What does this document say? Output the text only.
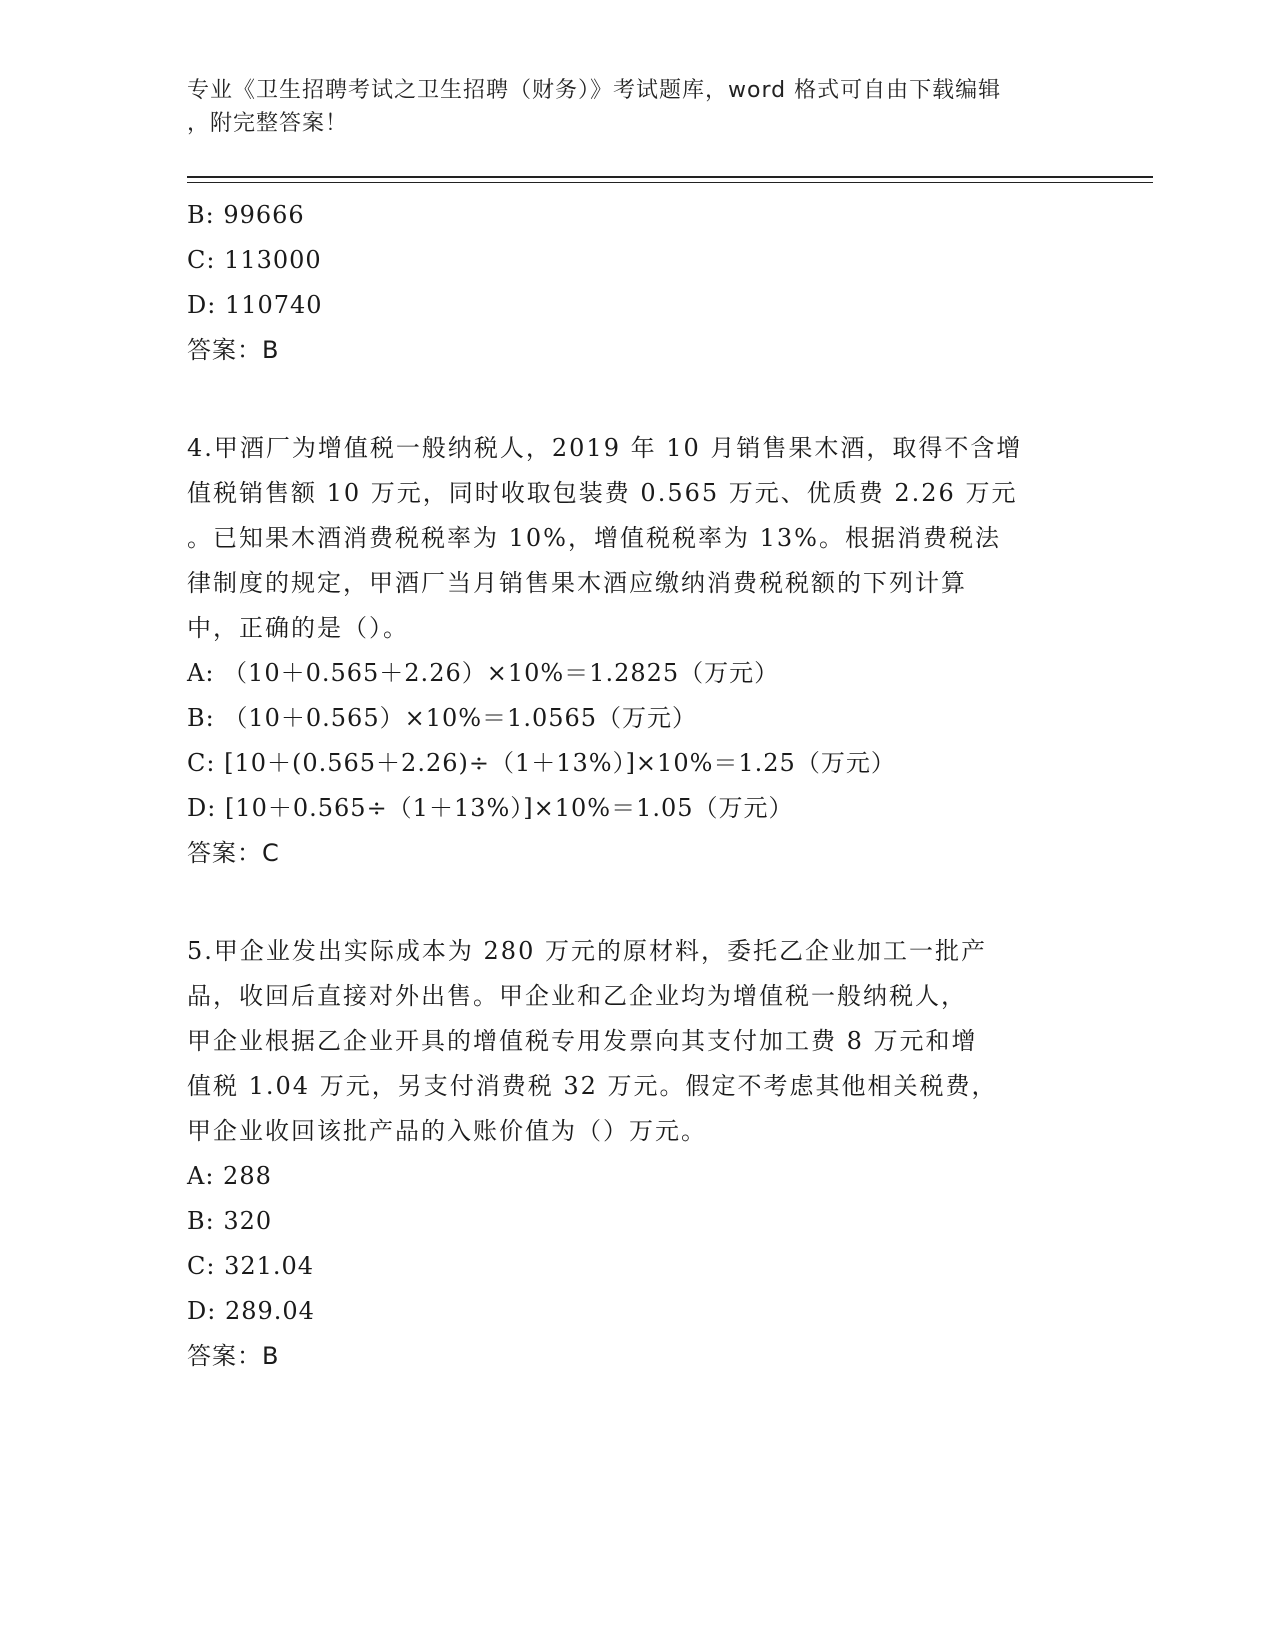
专业《卫生招聘考试之卫生招聘（财务）》考试题库，word 格式可自由下载编辑
，附完整答案！
B: 99666
C: 113000
D: 110740
答案：B
4.甲酒厂为增值税一般纳税人，2019 年 10 月销售果木酒，取得不含增
值税销售额 10 万元，同时收取包装费 0.565 万元、优质费 2.26 万元
。已知果木酒消费税税率为 10%，增值税税率为 13%。根据消费税法
律制度的规定，甲酒厂当月销售果木酒应缴纳消费税税额的下列计算
中，正确的是（）。
A: （10＋0.565＋2.26）×10%＝1.2825（万元）
B: （10＋0.565）×10%＝1.0565（万元）
C: [10＋(0.565＋2.26)÷（1＋13%）]×10%＝1.25（万元）
D: [10＋0.565÷（1＋13%）]×10%＝1.05（万元）
答案：C
5.甲企业发出实际成本为 280 万元的原材料，委托乙企业加工一批产
品，收回后直接对外出售。甲企业和乙企业均为增值税一般纳税人，
甲企业根据乙企业开具的增值税专用发票向其支付加工费 8 万元和增
值税 1.04 万元，另支付消费税 32 万元。假定不考虑其他相关税费，
甲企业收回该批产品的入账价值为（）万元。
A: 288
B: 320
C: 321.04
D: 289.04
答案：B
